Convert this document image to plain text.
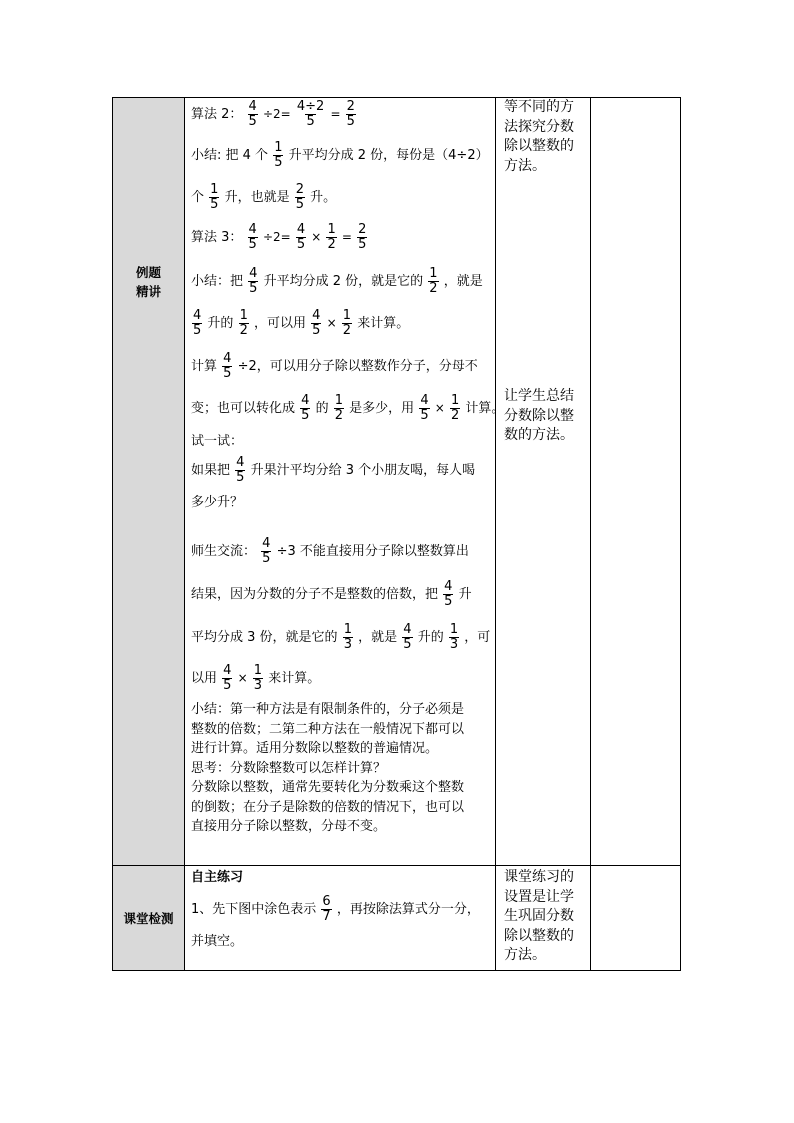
例题
精讲
课堂检测
算法 2： $\frac{4}{5} \div 2= \frac{4\div 2}{5} = \frac{2}{5}$
小结: 把 4 个 $\frac{1}{5}$ 升平均分成 2 份，每份是（4÷2）
个 $\frac{1}{5}$ 升，也就是 $\frac{2}{5}$ 升。
算法 3： $\frac{4}{5} \div 2= \frac{4}{5} \times \frac{1}{2} = \frac{2}{5}$
小结：把 $\frac{4}{5}$ 升平均分成 2 份，就是它的 $\frac{1}{2}$ ，就是
$\frac{4}{5}$ 升的 $\frac{1}{2}$ ，可以用 $\frac{4}{5} \times \frac{1}{2}$ 来计算。
计算 $\frac{4}{5} \div 2$，可以用分子除以整数作分子，分母不
变；也可以转化成 $\frac{4}{5}$ 的 $\frac{1}{2}$ 是多少，用 $\frac{4}{5} \times \frac{1}{2}$ 计算。
试一试：
如果把 $\frac{4}{5}$ 升果汁平均分给 3 个小朋友喝，每人喝
多少升？
师生交流： $\frac{4}{5} \div 3$ 不能直接用分子除以整数算出
结果，因为分数的分子不是整数的倍数，把 $\frac{4}{5}$ 升
平均分成 3 份，就是它的 $\frac{1}{3}$ ，就是 $\frac{4}{5}$ 升的 $\frac{1}{3}$ ，可
以用 $\frac{4}{5} \times \frac{1}{3}$ 来计算。
小结：第一种方法是有限制条件的，分子必须是
整数的倍数；二第二种方法在一般情况下都可以
进行计算。适用分数除以整数的普遍情况。
思考：分数除整数可以怎样计算？
分数除以整数，通常先要转化为分数乘这个整数
的倒数；在分子是除数的倍数的情况下，也可以
直接用分子除以整数，分母不变。
等不同的方
法探究分数
除以整数的
方法。
让学生总结
分数除以整
数的方法。
自主练习
1、先下图中涂色表示 $\frac{6}{7}$ ，再按除法算式分一分，
并填空。
课堂练习的
设置是让学
生巩固分数
除以整数的
方法。
